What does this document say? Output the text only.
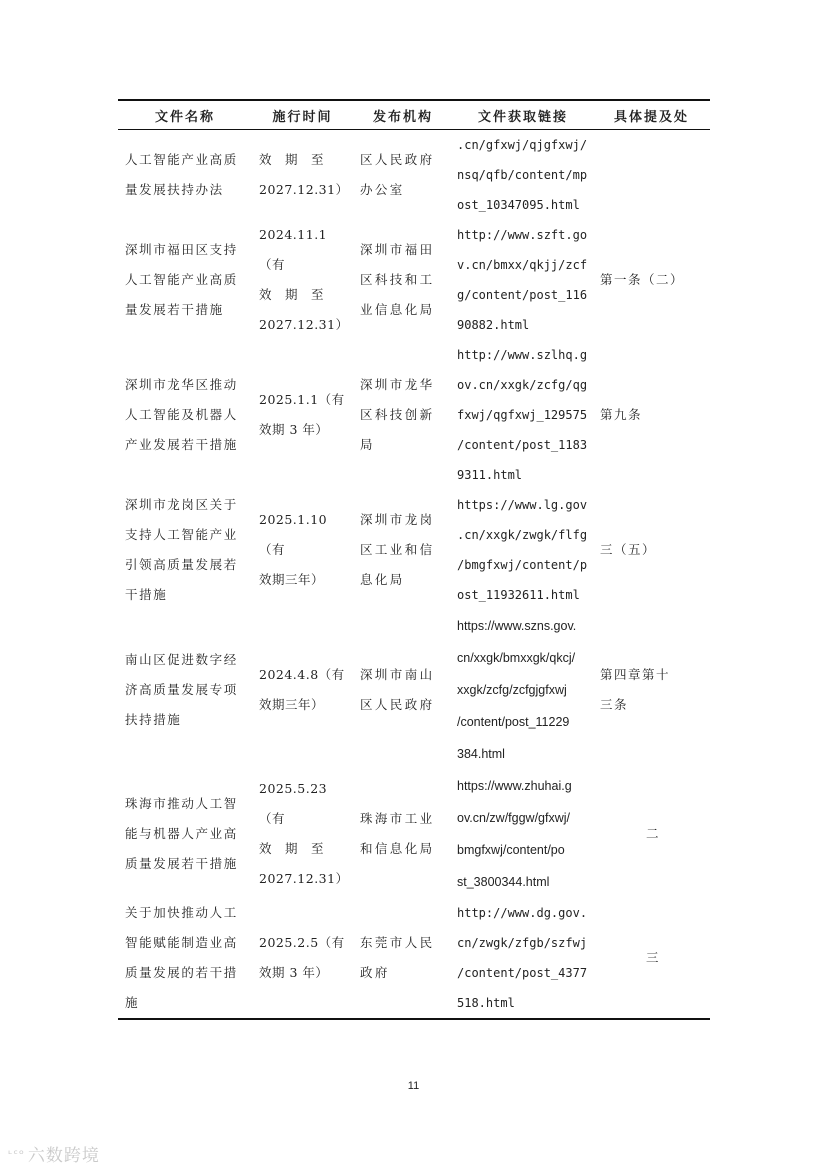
文件名称	施行时间	发布机构	文件获取链接	具体提及处

人工智能产业高质
量发展扶持办法	效　期　至
2027.12.31）	区人民政府
办公室	.cn/gfxwj/qjgfxwj/
nsq/qfb/content/mp
ost_10347095.html	

深圳市福田区支持
人工智能产业高质
量发展若干措施	2024.11.1（有
效　期　至
2027.12.31）	深圳市福田
区科技和工
业信息化局	http://www.szft.go
v.cn/bmxx/qkjj/zcf
g/content/post_116
90882.html	第一条（二）

深圳市龙华区推动
人工智能及机器人
产业发展若干措施	2025.1.1（有
效期 3 年）	深圳市龙华
区科技创新
局	http://www.szlhq.g
ov.cn/xxgk/zcfg/qg
fxwj/qgfxwj_129575
/content/post_1183
9311.html	第九条

深圳市龙岗区关于
支持人工智能产业
引领高质量发展若
干措施	2025.1.10（有
效期三年）	深圳市龙岗
区工业和信
息化局	https://www.lg.gov
.cn/xxgk/zwgk/flfg
/bmgfxwj/content/p
ost_11932611.html	三（五）

南山区促进数字经
济高质量发展专项
扶持措施	2024.4.8（有
效期三年）	深圳市南山
区人民政府	https://www.szns.gov.
cn/xxgk/bmxxgk/qkcj/
xxgk/zcfg/zcfgjgfxwj
/content/post_11229
384.html	第四章第十
三条

珠海市推动人工智
能与机器人产业高
质量发展若干措施	2025.5.23（有
效　期　至
2027.12.31）	珠海市工业
和信息化局	https://www.zhuhai.g
ov.cn/zw/fggw/gfxwj/
bmgfxwj/content/po
st_3800344.html	二

关于加快推动人工
智能赋能制造业高
质量发展的若干措
施	2025.2.5（有
效期 3 年）	东莞市人民
政府	http://www.dg.gov.
cn/zwgk/zfgb/szfwj
/content/post_4377
518.html	三
11
ᶫᶜᵒ 六数跨境
